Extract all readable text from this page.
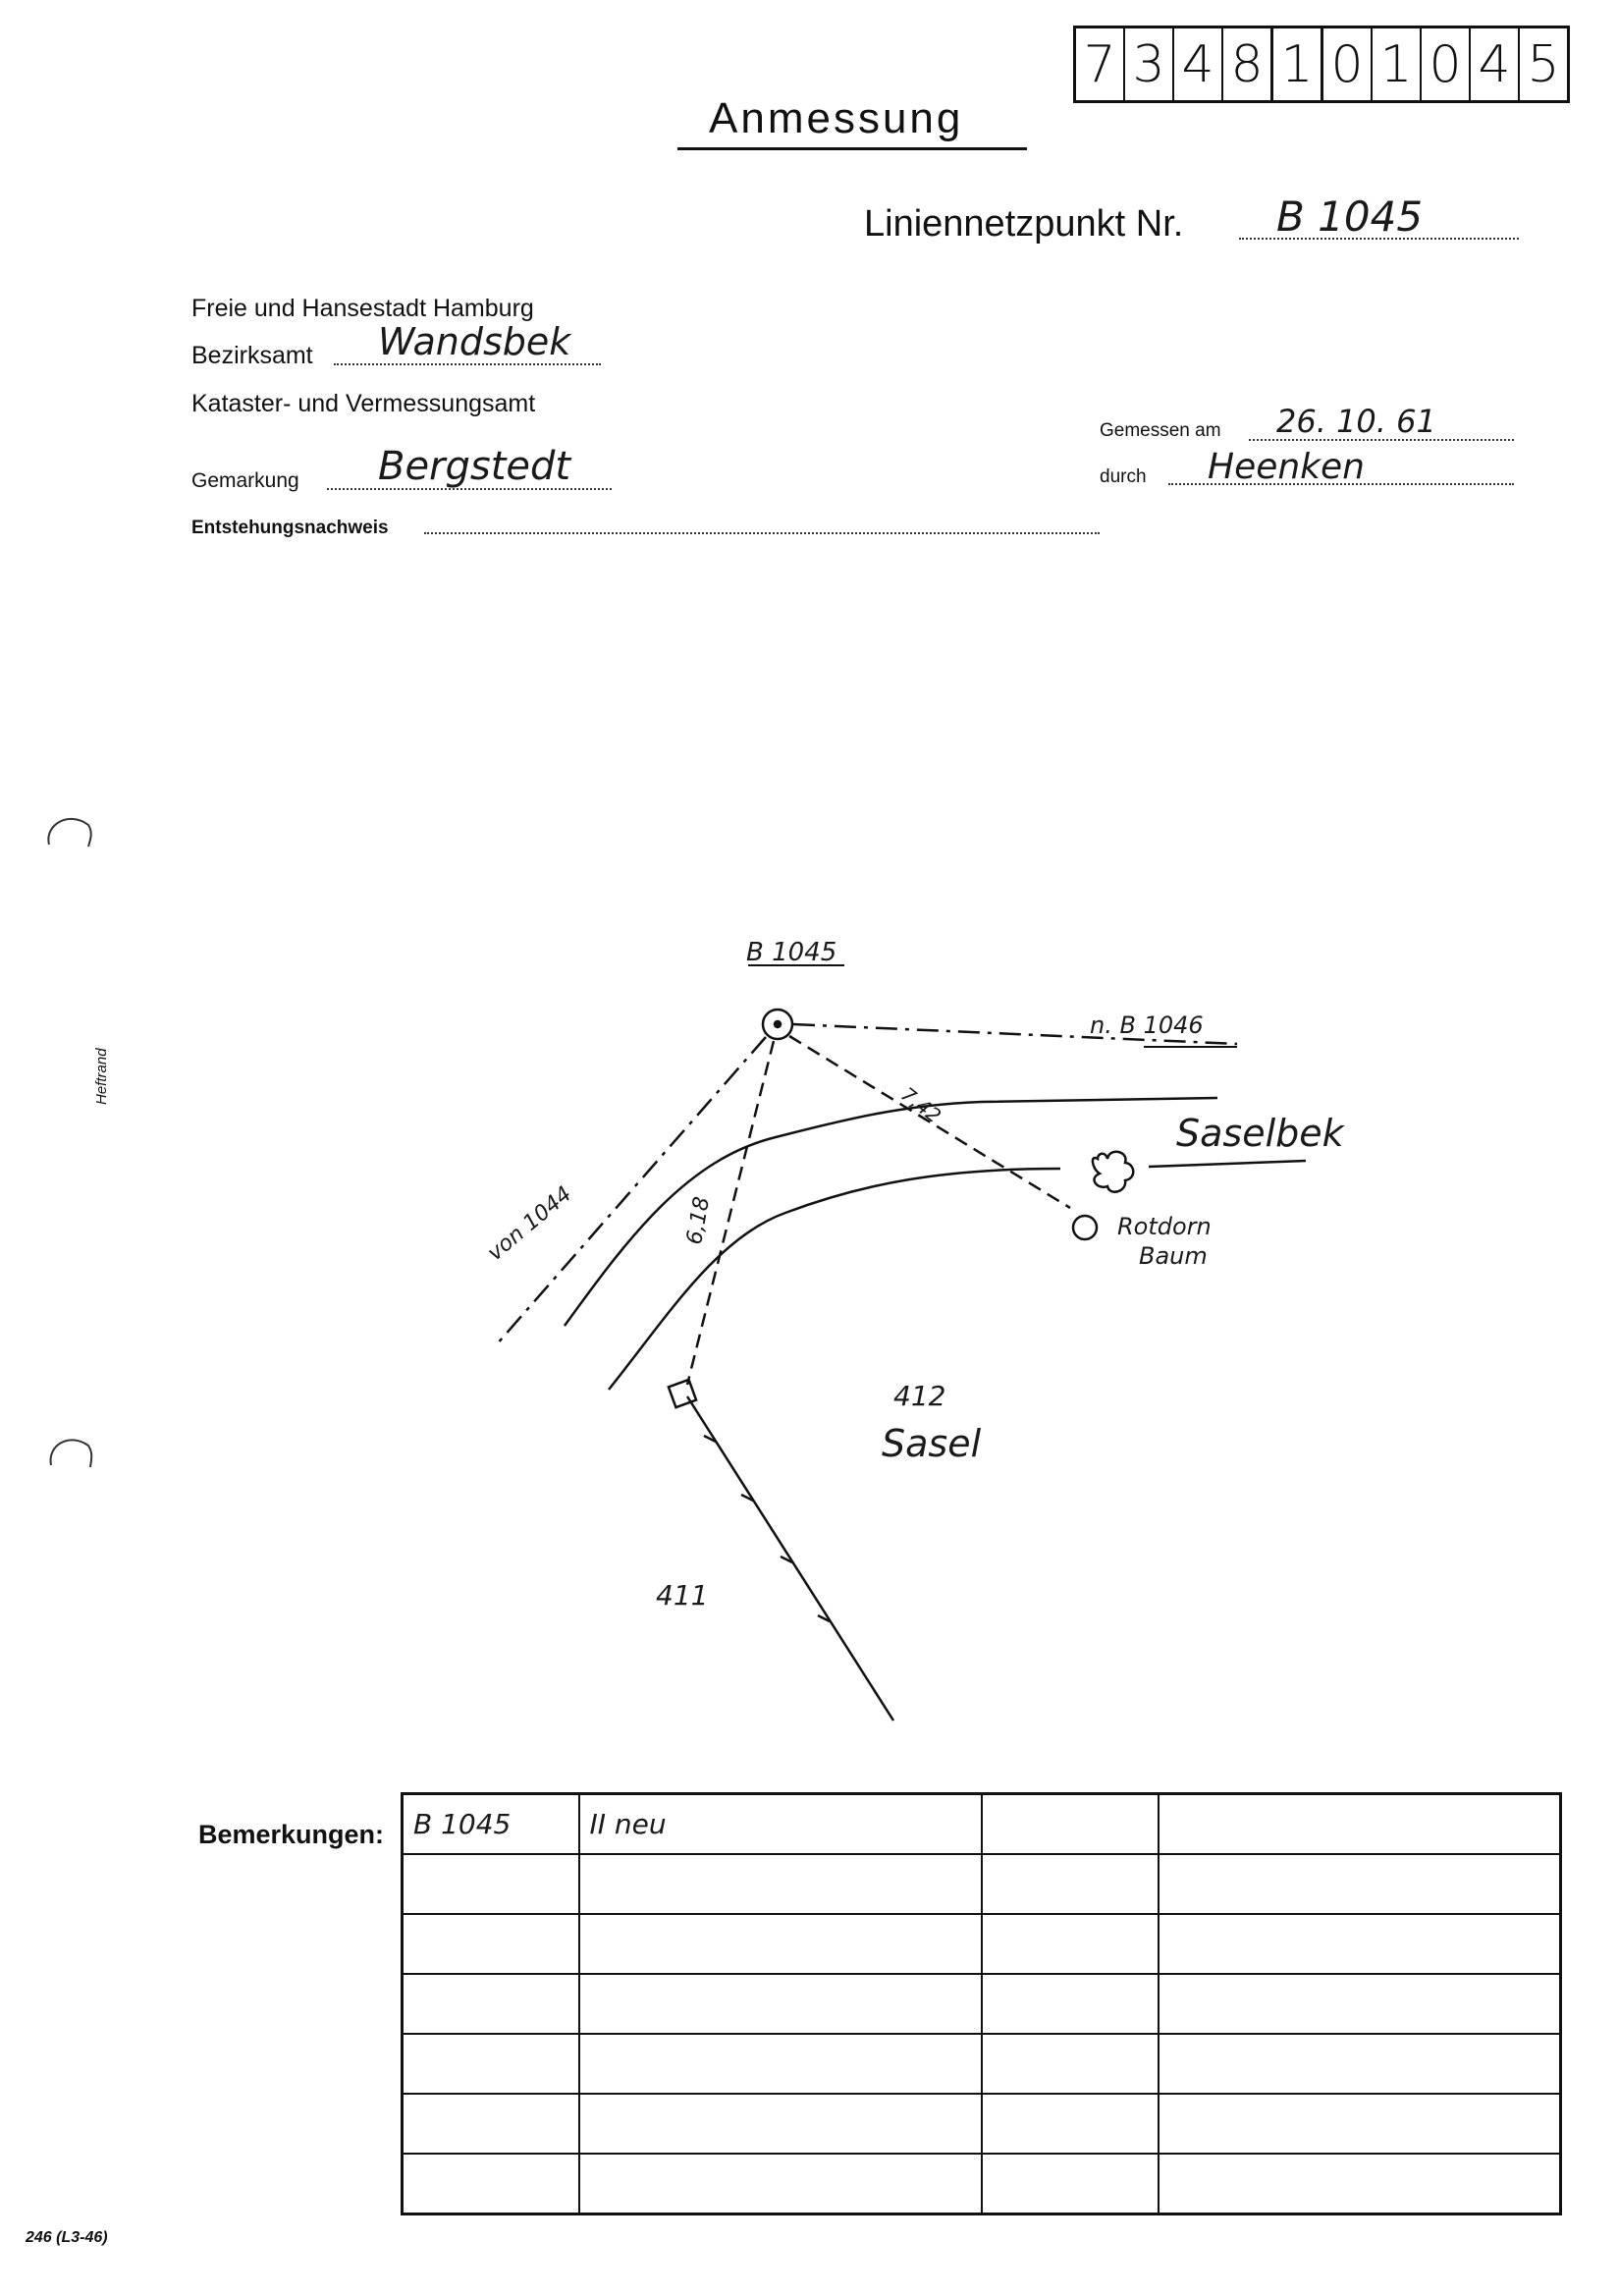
7 3 4 8 1 0 1 0 4 5
Anmessung
Liniennetzpunkt Nr. B 1045
Freie und Hansestadt Hamburg
Bezirksamt Wandsbek
Kataster- und Vermessungsamt
Gemarkung Bergstedt
Entstehungsnachweis
Gemessen am 26. 10. 61
durch Heenken
Heftrand
B 1045
n. B 1046
von 1044
7,42
6,18
Saselbek
Rotdorn
Baum
412
Sasel
411
Bemerkungen: B 1045	II neu		

246 (L3-46)
